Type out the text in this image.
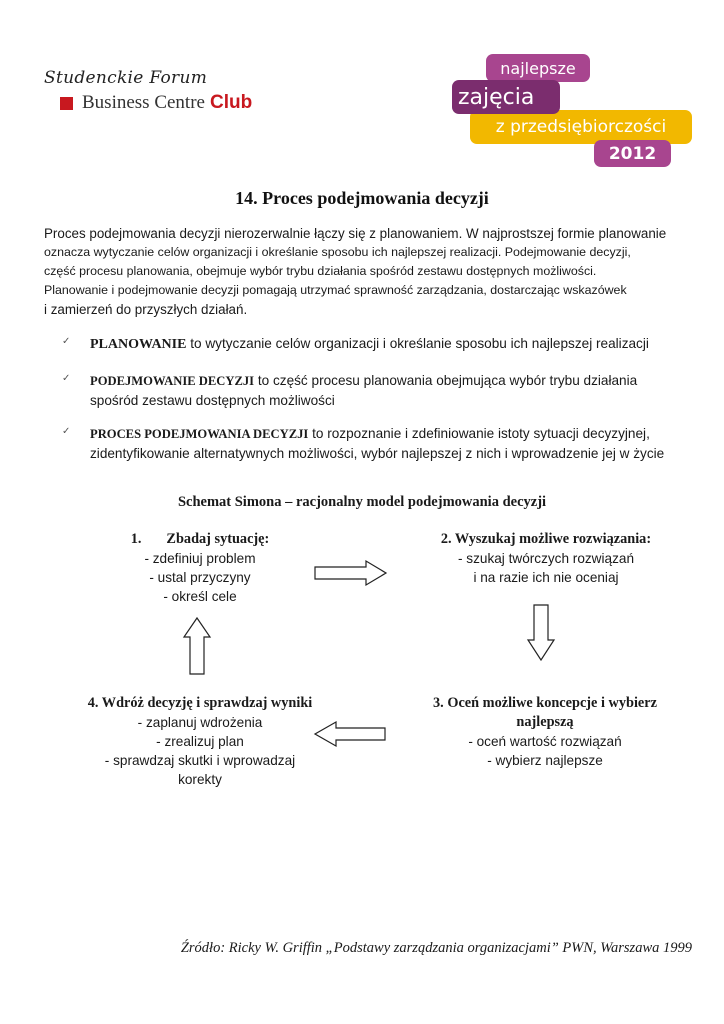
Studenckie Forum
Business Centre Club
najlepsze
z przedsiębiorczości
zajęcia
2012
14. Proces podejmowania decyzji

Proces podejmowania decyzji nierozerwalnie łączy się z planowaniem. W najprostszej formie planowanie

oznacza wytyczanie celów organizacji i określanie sposobu ich najlepszej realizacji. Podejmowanie decyzji,

część procesu planowania, obejmuje wybór trybu działania spośród zestawu dostępnych możliwości.

Planowanie i podejmowanie decyzji pomagają utrzymać sprawność zarządzania, dostarczając wskazówek

i zamierzeń do przyszłych działań.

✓ PLANOWANIE to wytyczanie celów organizacji i określanie sposobu ich najlepszej realizacji
✓ PODEJMOWANIE DECYZJI to część procesu planowania obejmująca wybór trybu działania
spośród zestawu dostępnych możliwości
✓ PROCES PODEJMOWANIA DECYZJI to rozpoznanie i zdefiniowanie istoty sytuacji decyzyjnej,
zidentyfikowanie alternatywnych możliwości, wybór najlepszej z nich i wprowadzenie jej w życie
Schemat Simona – racjonalny model podejmowania decyzji
1.       Zbadaj sytuację:
- zdefiniuj problem
- ustal przyczyny
- określ cele
2. Wyszukaj możliwe rozwiązania:
- szukaj twórczych rozwiązań
i na razie ich nie oceniaj
3. Oceń możliwe koncepcje i wybierz
najlepszą
- oceń wartość rozwiązań
- wybierz najlepsze
4. Wdróż decyzję i sprawdzaj wyniki
- zaplanuj wdrożenia
- zrealizuj plan
- sprawdzaj skutki i wprowadzaj
korekty
Źródło: Ricky W. Griffin „Podstawy zarządzania organizacjami” PWN, Warszawa 1999
